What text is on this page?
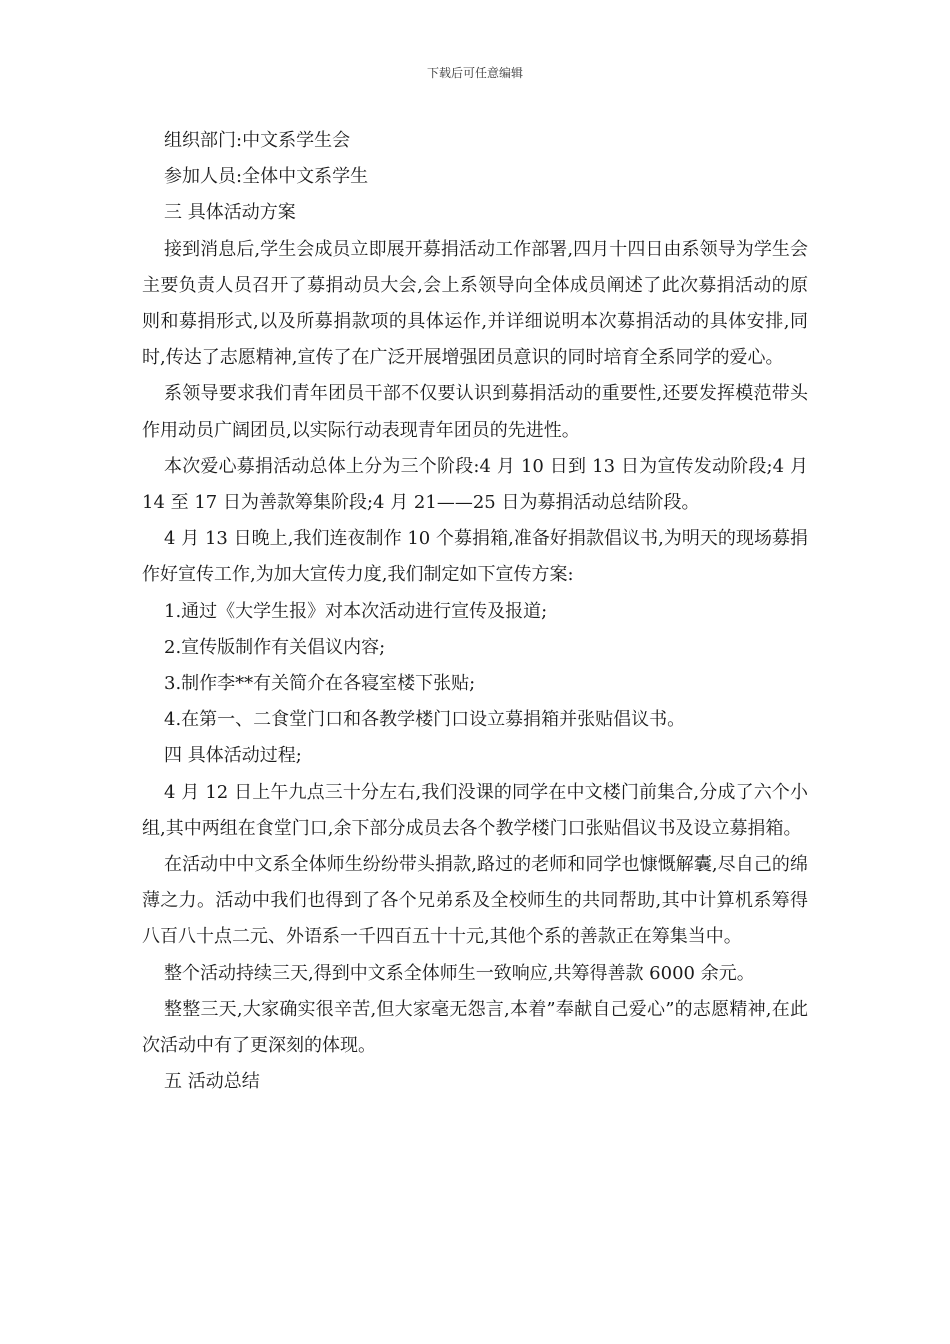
下载后可任意编辑

组织部门:中文系学生会

参加人员:全体中文系学生

三 具体活动方案

接到消息后,学生会成员立即展开募捐活动工作部署,四月十四日由系领导为学生会主要负责人员召开了募捐动员大会,会上系领导向全体成员阐述了此次募捐活动的原则和募捐形式,以及所募捐款项的具体运作,并详细说明本次募捐活动的具体安排,同时,传达了志愿精神,宣传了在广泛开展增强团员意识的同时培育全系同学的爱心。

系领导要求我们青年团员干部不仅要认识到募捐活动的重要性,还要发挥模范带头作用动员广阔团员,以实际行动表现青年团员的先进性。

本次爱心募捐活动总体上分为三个阶段:4 月 10 日到 13 日为宣传发动阶段;4 月 14 至 17 日为善款筹集阶段;4 月 21——25 日为募捐活动总结阶段。

4 月 13 日晚上,我们连夜制作 10 个募捐箱,准备好捐款倡议书,为明天的现场募捐作好宣传工作,为加大宣传力度,我们制定如下宣传方案:

1.通过《大学生报》对本次活动进行宣传及报道;

2.宣传版制作有关倡议内容;

3.制作李**有关简介在各寝室楼下张贴;

4.在第一、二食堂门口和各教学楼门口设立募捐箱并张贴倡议书。

四 具体活动过程;

4 月 12 日上午九点三十分左右,我们没课的同学在中文楼门前集合,分成了六个小组,其中两组在食堂门口,余下部分成员去各个教学楼门口张贴倡议书及设立募捐箱。

在活动中中文系全体师生纷纷带头捐款,路过的老师和同学也慷慨解囊,尽自己的绵薄之力。活动中我们也得到了各个兄弟系及全校师生的共同帮助,其中计算机系筹得八百八十点二元、外语系一千四百五十十元,其他个系的善款正在筹集当中。

整个活动持续三天,得到中文系全体师生一致响应,共筹得善款 6000 余元。

整整三天,大家确实很辛苦,但大家毫无怨言,本着”奉献自己爱心”的志愿精神,在此次活动中有了更深刻的体现。

五 活动总结
